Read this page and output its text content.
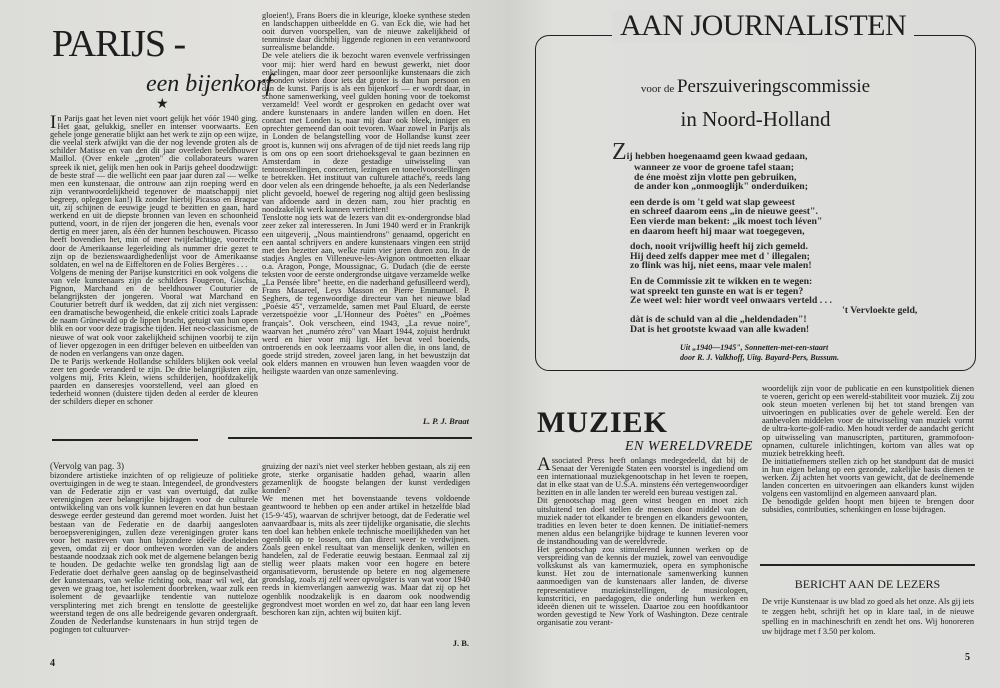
PARIJS -
een bijenkorf
★

In Parijs gaat het leven niet voort gelijk het vóór 1940 ging. Het gaat, gelukkig, sneller en intenser voorwaarts. Een gehele jonge generatie blijkt aan het werk te zijn op een wijze, die veelal sterk afwijkt van die der nog levende groten als de schilder Matisse en van den dit jaar overleden beeldhouwer Maillol. (Over enkele „groten" die collaborateurs waren spreek ik niet, gelijk men hen ook in Parijs geheel doodzwijgt: de beste straf — die wellicht een paar jaar duren zal — welke men een kunstenaar, die ontrouw aan zijn roeping werd en zijn verantwoordelijkheid tegenover de maatschappij niet begreep, opleggen kan!) Ik zonder hierbij Picasso en Braque uit, zij schijnen de eeuwige jeugd te bezitten en gaan, hard werkend en uit de diepste bronnen van leven en schoonheid puttend, voort, in de rijen der jongeren die hen, evenals voor dertig en meer jaren, als één der hunnen beschouwen. Picasso heeft bovendien het, min of meer twijfelachtige, voorrecht door de Amerikaanse legerleiding als nummer drie gezet te zijn op de bezienswaardighedenlijst voor de Amerikaanse soldaten, en wel na de Eiffeltoren en de Folies Bergères . . .

Volgens de mening der Parijse kunstcritici en ook volgens die van vele kunstenaars zijn de schilders Fougeron, Gischia, Pignon, Marchand en de beeldhouwer Couturier de belangrijksten der jongeren. Vooral wat Marchand en Couturier betreft durf ik wedden, dat zij zich niet vergissen: een dramatische bewogenheid, die enkele critici zoals Laprade de naam Grünewald op de lippen bracht, getuigt van hun open blik en oor voor deze tragische tijden. Het neo-classicisme, de nieuwe of wat ook voor zakelijkheid schijnen voorbij te zijn of liever opgezogen in een driftiger beleven en uitbeelden van de noden en verlangens van onze dagen.

De te Parijs werkende Hollandse schilders blijken ook veelal zeer ten goede veranderd te zijn. De drie belangrijksten zijn, volgens mij, Frits Klein, wiens schilderijen, hoofdzakelijk paarden en danseresjes voorstellend, veel aan gloed en tederheid wonnen (duistere tijden deden al eerder de kleuren der schilders dieper en schoner

gloeien!), Frans Boers die in kleurige, kloeke synthese steden en landschappen uitbeeldde en G. van Eck die, wie had het ooit durven voorspellen, van de nieuwe zakelijkheid of tenminste daar dichtbij liggende regionen in een verantwoord surrealisme belandde.

De vele ateliers die ik bezocht waren evenvele verfrissingen voor mij: hier werd hard en bewust gewerkt, niet door enkelingen, maar door zeer persoonlijke kunstenaars die zich gebonden wisten door iets dat groter is dan hun persoon en dan de kunst. Parijs is als een bijenkorf — er wordt daar, in schone samenwerking, veel gulden honing voor de toekomst verzameld! Veel wordt er gesproken en gedacht over wat andere kunstenaars in andere landen willen en doen. Het contact met Londen is, naar mij daar ook bleek, inniger en oprechter gemeend dan ooit tevoren. Waar zowel in Parijs als in Londen de belangstelling voor de Hollandse kunst zeer groot is, kunnen wij ons afvragen of de tijd niet reeds lang rijp is om ons op een soort driehoeksgeval te gaan bezinnen en Amsterdam in deze gestadige uitwisseling van tentoonstellingen, concerten, lezingen en toneelvoorstellingen te betrekken. Het instituut van culturele attaché's, reeds lang door velen als een dringende behoefte, ja als een Nederlandse plicht gevoeld, hoewel de regering nog altijd geen beslissing van afdoende aard in dezen nam, zou hier prachtig en noodzakelijk werk kunnen verrichten!

Tenslotte nog iets wat de lezers van dit ex-ondergrondse blad zeer zeker zal interesseren. In Juni 1940 werd er in Frankrijk een uitgeverij, „Nous maintiendrons" genaamd, opgericht en een aantal schrijvers en andere kunstenaars vingen een strijd met den bezetter aan, welke ruim vier jaren duren zou. In de stadjes Angles en Villeneuve-les-Avignon ontmoetten elkaar o.a. Aragon, Ponge, Moussignac, G. Dudach (die de eerste teksten voor de eerste ondergrondse uitgave verzamelde welke „La Pensée libre" heette, en die naderhand gefusilleerd werd), Frans Masareel, Leys Masson en Pierre Emmanuel. P. Seghers, de tegenwoordige directeur van het nieuwe blad „Poésie 45", verzamelde, samen met Paul Eluard, de eerste verzetspoëzie voor „L'Honneur des Poètes" en „Poèmes français". Ook verscheen, eind 1943, „La revue noire", waarvan het „numéro zéro" van Maart 1944, zojuist herdrukt werd en hier voor mij ligt. Het bevat veel boeiends, ontroerends en ook leerzaams voor allen die, in ons land, de goede strijd streden, zoveel jaren lang, in het bewustzijn dat ook elders mannen en vrouwen hun leven waagden voor de heiligste waarden van onze samenleving.

L. P. J. Braat
(Vervolg van pag. 3)

bizondere artistieke inzichten of op religieuze of politieke overtuigingen in de weg te staan. Integendeel, de grondvesters van de Federatie zijn er vast van overtuigd, dat zulke verenigingen zeer belangrijke bijdragen voor de culturele ontwikkeling van ons volk kunnen leveren en dat hun bestaan deswege eerder gesteund dan geremd moet worden. Juist het bestaan van de Federatie en de daarbij aangesloten beroepsverenigingen, zullen deze verenigingen groter kans voor het nastreven van hun bijzondere ideële doeleinden geven, omdat zij er door ontheven worden van de anders bestaande noodzaak zich ook met de algemene belangen bezig te houden. De gedachte welke ten grondslag ligt aan de Federatie doet derhalve geen aanslag op de beginselvastheid der kunstenaars, van welke richting ook, maar wil wel, dat geven we graag toe, het isolement doorbreken, waar zulk een isolement de gevaarlijke tendentie van nutteloze versplintering met zich brengt en tenslotte de geestelijke weerstand tegen de ons alle bedreigende gevaren ondergraaft. Zouden de Nederlandse kunstenaars in hun strijd tegen de pogingen tot cultuurver-

gruizing der nazi's niet veel sterker hebben gestaan, als zij een grote, sterke organisatie hadden gehad, waarin allen gezamenlijk de hoogste belangen der kunst verdedigen konden?

We menen met het bovenstaande tevens voldoende geantwoord te hebben op een ander artikel in hetzelfde blad (15-9-'45), waarvan de schrijver betoogt, dat de Federatie wel aanvaardbaar is, mits als zeer tijdelijke organisatie, die slechts ten doel kan hebben enkele technische moeilijkheden van het ogenblik op te lossen, om dan direct weer te verdwijnen. Zoals geen enkel resultaat van menselijk denken, willen en handelen, zal de Federatie eeuwig bestaan. Eenmaal zal zij stellig weer plaats maken voor een hogere en betere organisatievorm, berustende op betere en nog algemenere grondslag, zoals zij zelf weer opvolgster is van wat voor 1940 reeds in kiemverlangen aanwezig was. Maar dat zij op het ogenblik noodzakelijk is en daarom ook noodwendig gegrondvest moet worden en wel zo, dat haar een lang leven beschoren kan zijn, achten wij buiten kijf.

J. B.
4
AAN JOURNALISTEN
voor de Perszuiveringscommissie
in Noord-Holland
Zij hebben hoegenaamd geen kwaad gedaan,
wanneer ze voor de groene tafel staan;
de éne moèst zijn vlotte pen gebruiken,
de ander kon „onmooglijk" onderduiken;
een derde is om 't geld wat slap geweest
en schreef daarom eens „in de nieuwe geest".
Een vierde man bekent: „ik moest toch léven"
en daarom heeft hij maar wat toegegeven,
doch, nooit vrijwillig heeft hij zich gemeld.
Hij deed zelfs dapper mee met d ' illegalen;
zo flink was hij, niet eens, maar vele malen!
En de Commissie zit te wikken en te wegen:
wat spreekt ten gunste en wat is er tegen?
Ze weet wel: hier wordt veel onwaars verteld . . .
't Vervloekte geld,
dàt is de schuld van al die „heldendaden"!
Dat is het grootste kwaad van alle kwaden!
Uit „1940—1945", Sonnetten-met-een-staart
door R. J. Valkhoff, Uitg. Bayard-Pers, Bussum.
MUZIEK
EN WERELDVREDE

Associated Press heeft onlangs medegedeeld, dat bij de Senaat der Verenigde Staten een voorstel is ingediend om een internationaal muziekgenootschap in het leven te roepen, dat in elke staat van de U.S.A. minstens één vertegenwoordiger bezitten en in alle landen ter wereld een bureau vestigen zal.

Dit genootschap mag geen winst beogen en moet zich uitsluitend ten doel stellen de mensen door middel van de muziek nader tot elkander te brengen en elkanders gewoonten, tradities en leven beter te doen kennen. De initiatief-nemers menen aldus een belangrijke bijdrage te kunnen leveren voor de instandhouding van de wereldvrede.

Het genootschap zou stimulerend kunnen werken op de verspreiding van de kennis der muziek, zowel van eenvoudige volkskunst als van kamermuziek, opera en symphonische kunst. Het zou de internationale samenwerking kunnen aanmoedigen van de kunstenaars aller landen, de diverse representatieve muziekinstellingen, de musicologen, kunstcritici, en paedagogen, die onderling hun werken en ideeën dienen uit te wisselen. Daartoe zou een hoofdkantoor worden gevestigd te New York of Washington. Deze centrale organisatie zou verant-

woordelijk zijn voor de publicatie en een kunstpolitiek dienen te voeren, gericht op een wereld-stabiliteit voor muziek. Zij zou ook steun moeten verlenen bij het tot stand brengen van uitvoeringen en publicaties over de gehele wereld. Een der aanbevolen middelen voor de uitwisseling van muziek vormt de ultra-korte-golf-radio. Men houdt verder de aandacht gericht op uitwisseling van manuscripten, partituren, grammofoon-opnamen, culturele inlichtingen, kortom van alles wat op muziek betrekking heeft.

De initiatiefnemers stellen zich op het standpunt dat de musici in hun eigen belang op een gezonde, zakelijke basis dienen te werken. Zij achten het voorts van gewicht, dat de deelnemende landen concerten en uitvoeringen aan elkanders kunst wijden volgens een vastomlijnd en algemeen aanvaard plan.

De benodigde gelden hoopt men bijeen te brengen door subsidies, contributies, schenkingen en losse bijdragen.

BERICHT AAN DE LEZERS
De vrije Kunstenaar is uw blad zo goed als het onze. Als gij iets te zeggen hebt, schrijft het op in klare taal, in de nieuwe spelling en in machineschrift en zendt het ons. Wij honoreren uw bijdrage met f 3.50 per kolom.
5
